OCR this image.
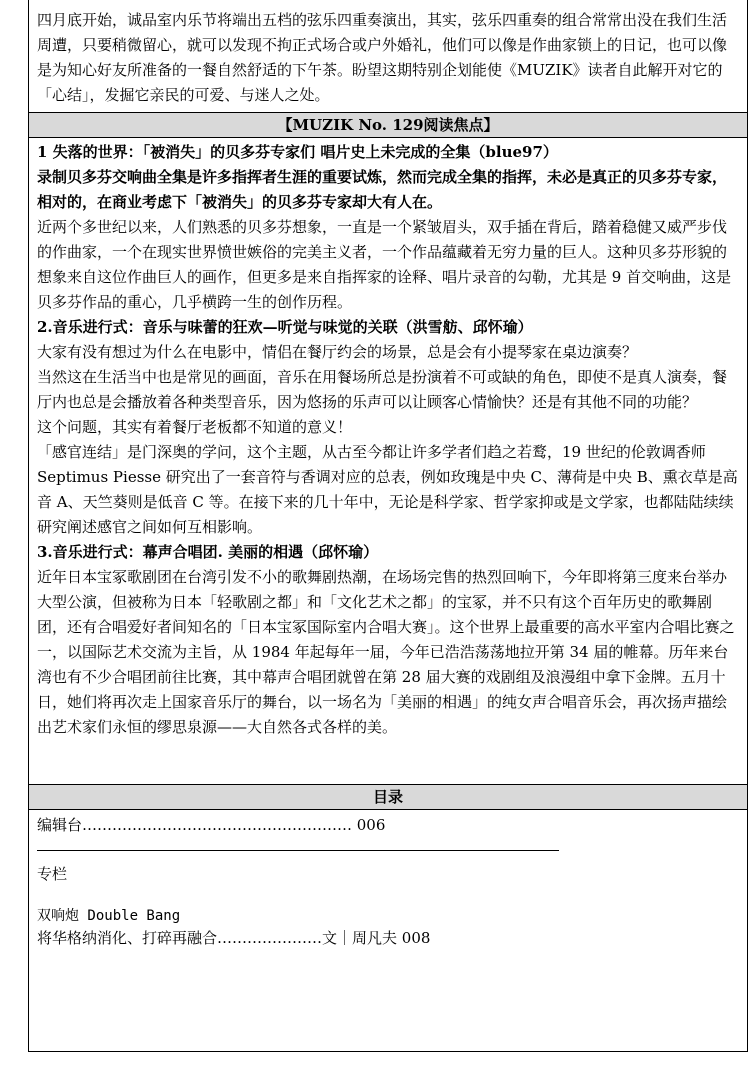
四月底开始，诚品室内乐节将端出五档的弦乐四重奏演出，其实，弦乐四重奏的组合常常出没在我们生活周遭，只要稍微留心，就可以发现不拘正式场合或户外婚礼，他们可以像是作曲家锁上的日记，也可以像是为知心好友所准备的一餐自然舒适的下午茶。盼望这期特别企划能使《MUZIK》读者自此解开对它的「心结」，发掘它亲民的可爱、与迷人之处。

【MUZIK No. 129阅读焦点】

1 失落的世界：「被消失」的贝多芬专家们 唱片史上未完成的全集（blue97）

录制贝多芬交响曲全集是许多指挥者生涯的重要试炼，然而完成全集的指挥，未必是真正的贝多芬专家，相对的，在商业考虑下「被消失」的贝多芬专家却大有人在。

近两个多世纪以来，人们熟悉的贝多芬想象，一直是一个紧皱眉头，双手插在背后，踏着稳健又威严步伐的作曲家，一个在现实世界愤世嫉俗的完美主义者，一个作品蕴藏着无穷力量的巨人。这种贝多芬形貌的想象来自这位作曲巨人的画作，但更多是来自指挥家的诠释、唱片录音的勾勒，尤其是 9 首交响曲，这是贝多芬作品的重心，几乎横跨一生的创作历程。

2.音乐进行式：音乐与味蕾的狂欢—听觉与味觉的关联（洪雪舫、邱怀瑜）

大家有没有想过为什么在电影中，情侣在餐厅约会的场景，总是会有小提琴家在桌边演奏？

当然这在生活当中也是常见的画面，音乐在用餐场所总是扮演着不可或缺的角色，即使不是真人演奏，餐厅内也总是会播放着各种类型音乐，因为悠扬的乐声可以让顾客心情愉快？还是有其他不同的功能？

这个问题，其实有着餐厅老板都不知道的意义！

「感官连结」是门深奥的学问，这个主题，从古至今都让许多学者们趋之若鹜，19 世纪的伦敦调香师 Septimus Piesse 研究出了一套音符与香调对应的总表，例如玫瑰是中央 C、薄荷是中央 B、熏衣草是高音 A、天竺葵则是低音 C 等。在接下来的几十年中，无论是科学家、哲学家抑或是文学家，也都陆陆续续研究阐述感官之间如何互相影响。

3.音乐进行式：幕声合唱团. 美丽的相遇（邱怀瑜）

近年日本宝冢歌剧团在台湾引发不小的歌舞剧热潮，在场场完售的热烈回响下，今年即将第三度来台举办大型公演，但被称为日本「轻歌剧之都」和「文化艺术之都」的宝冢，并不只有这个百年历史的歌舞剧团，还有合唱爱好者间知名的「日本宝冢国际室内合唱大赛」。这个世界上最重要的高水平室内合唱比赛之一，以国际艺术交流为主旨，从 1984 年起每年一届，今年已浩浩荡荡地拉开第 34 届的帷幕。历年来台湾也有不少合唱团前往比赛，其中幕声合唱团就曾在第 28 届大赛的戏剧组及浪漫组中拿下金牌。五月十日，她们将再次走上国家音乐厅的舞台，以一场名为「美丽的相遇」的纯女声合唱音乐会，再次扬声描绘出艺术家们永恒的缪思泉源——大自然各式各样的美。

目录

编辑台……………………………………………… 006

专栏

双响炮 Double Bang

将华格纳消化、打碎再融合…………………文｜周凡夫 008
